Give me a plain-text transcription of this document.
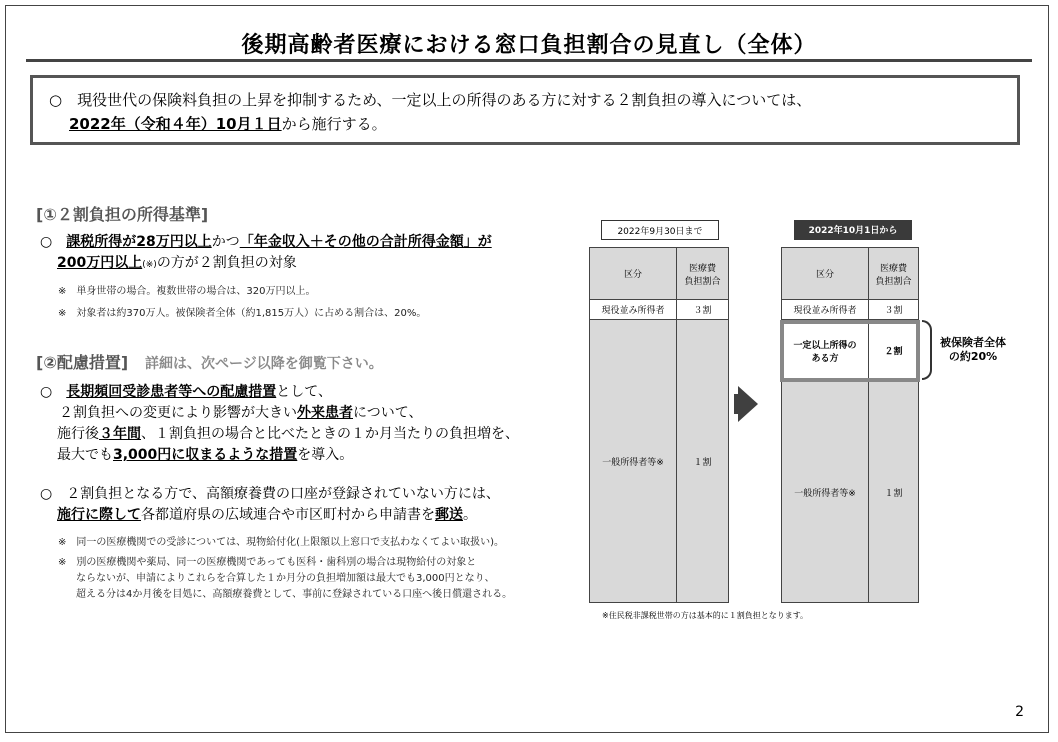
後期高齢者医療における窓口負担割合の見直し（全体）
○　 現役世代の保険料負担の上昇を抑制するため、一定以上の所得のある方に対する２割負担の導入については、
2022年（令和４年）10月１日から施行する。
[①２割負担の所得基準]
○　課税所得が28万円以上かつ「年金収入＋その他の合計所得金額」が
200万円以上(※)の方が２割負担の対象
※　単身世帯の場合。複数世帯の場合は、320万円以上。
※　対象者は約370万人。被保険者全体（約1,815万人）に占める割合は、20%。
[②配慮措置] 詳細は、次ページ以降を御覧下さい。
○　長期頻回受診患者等への配慮措置として、
２割負担への変更により影響が大きい外来患者について、
施行後３年間、１割負担の場合と比べたときの１か月当たりの負担増を、
最大でも3,000円に収まるような措置を導入。
○　２割負担となる方で、高額療養費の口座が登録されていない方には、
施行に際して各都道府県の広域連合や市区町村から申請書を郵送。
※　同一の医療機関での受診については、現物給付化(上限額以上窓口で支払わなくてよい取扱い)。
※　別の医療機関や薬局、同一の医療機関であっても医科・歯科別の場合は現物給付の対象と
ならないが、申請によりこれらを合算した１か月分の負担増加額は最大でも3,000円となり、
超える分は4か月後を目処に、高額療養費として、事前に登録されている口座へ後日償還される。
2022年9月30日まで
区分	医療費
負担割合
現役並み所得者	３割
一般所得者等※	１割
2022年10月1日から
区分	医療費
負担割合
現役並み所得者	３割
一定以上所得の
ある方	２割
一般所得者等※	１割
被保険者全体
の約20%
※住民税非課税世帯の方は基本的に１割負担となります。
2
